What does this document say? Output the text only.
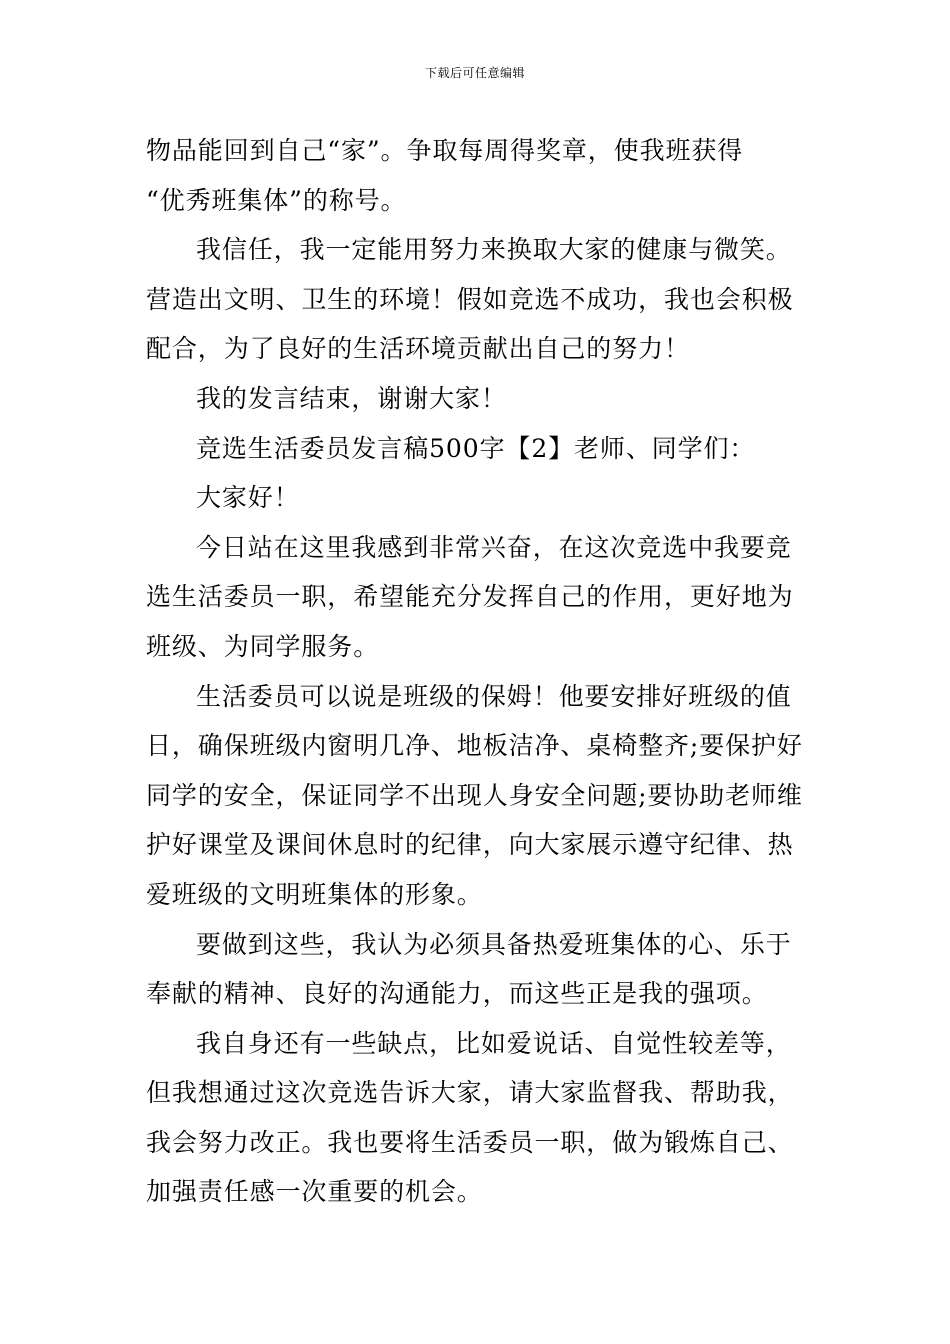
下载后可任意编辑
物品能回到自己“家”。争取每周得奖章，使我班获得
“优秀班集体”的称号。
我信任，我一定能用努力来换取大家的健康与微笑。
营造出文明、卫生的环境！假如竞选不成功，我也会积极
配合，为了良好的生活环境贡献出自己的努力！
我的发言结束，谢谢大家！
竞选生活委员发言稿500字【2】老师、同学们：
大家好！
今日站在这里我感到非常兴奋，在这次竞选中我要竞
选生活委员一职，希望能充分发挥自己的作用，更好地为
班级、为同学服务。
生活委员可以说是班级的保姆！他要安排好班级的值
日，确保班级内窗明几净、地板洁净、桌椅整齐;要保护好
同学的安全，保证同学不出现人身安全问题;要协助老师维
护好课堂及课间休息时的纪律，向大家展示遵守纪律、热
爱班级的文明班集体的形象。
要做到这些，我认为必须具备热爱班集体的心、乐于
奉献的精神、良好的沟通能力，而这些正是我的强项。
我自身还有一些缺点，比如爱说话、自觉性较差等，
但我想通过这次竞选告诉大家，请大家监督我、帮助我，
我会努力改正。我也要将生活委员一职，做为锻炼自己、
加强责任感一次重要的机会。
